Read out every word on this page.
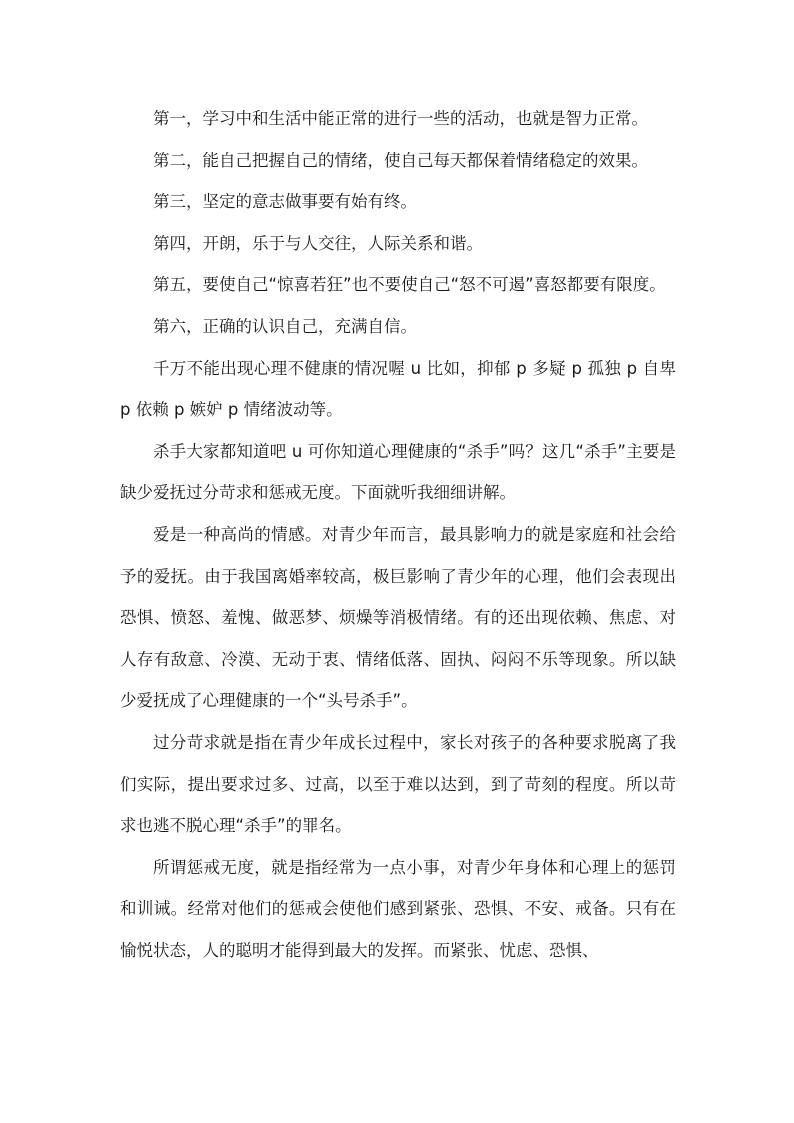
第一，学习中和生活中能正常的进行一些的活动，也就是智力正常。

第二，能自己把握自己的情绪，使自己每天都保着情绪稳定的效果。

第三，坚定的意志做事要有始有终。

第四，开朗，乐于与人交往，人际关系和谐。

第五，要使自己“惊喜若狂”也不要使自己“怒不可遏”喜怒都要有限度。

第六，正确的认识自己，充满自信。

千万不能出现心理不健康的情况喔 u 比如，抑郁 p 多疑 p 孤独 p 自卑 p 依赖 p 嫉妒 p 情绪波动等。

杀手大家都知道吧 u 可你知道心理健康的“杀手”吗？这几“杀手”主要是缺少爱抚过分苛求和惩戒无度。下面就听我细细讲解。

爱是一种高尚的情感。对青少年而言，最具影响力的就是家庭和社会给予的爱抚。由于我国离婚率较高，极巨影响了青少年的心理，他们会表现出恐惧、愤怒、羞愧、做恶梦、烦燥等消极情绪。有的还出现依赖、焦虑、对人存有敌意、冷漠、无动于衷、情绪低落、固执、闷闷不乐等现象。所以缺少爱抚成了心理健康的一个“头号杀手”。

过分苛求就是指在青少年成长过程中，家长对孩子的各种要求脱离了我们实际，提出要求过多、过高，以至于难以达到，到了苛刻的程度。所以苛求也逃不脱心理“杀手”的罪名。

所谓惩戒无度，就是指经常为一点小事，对青少年身体和心理上的惩罚和训诫。经常对他们的惩戒会使他们感到紧张、恐惧、不安、戒备。只有在愉悦状态，人的聪明才能得到最大的发挥。而紧张、忧虑、恐惧、
